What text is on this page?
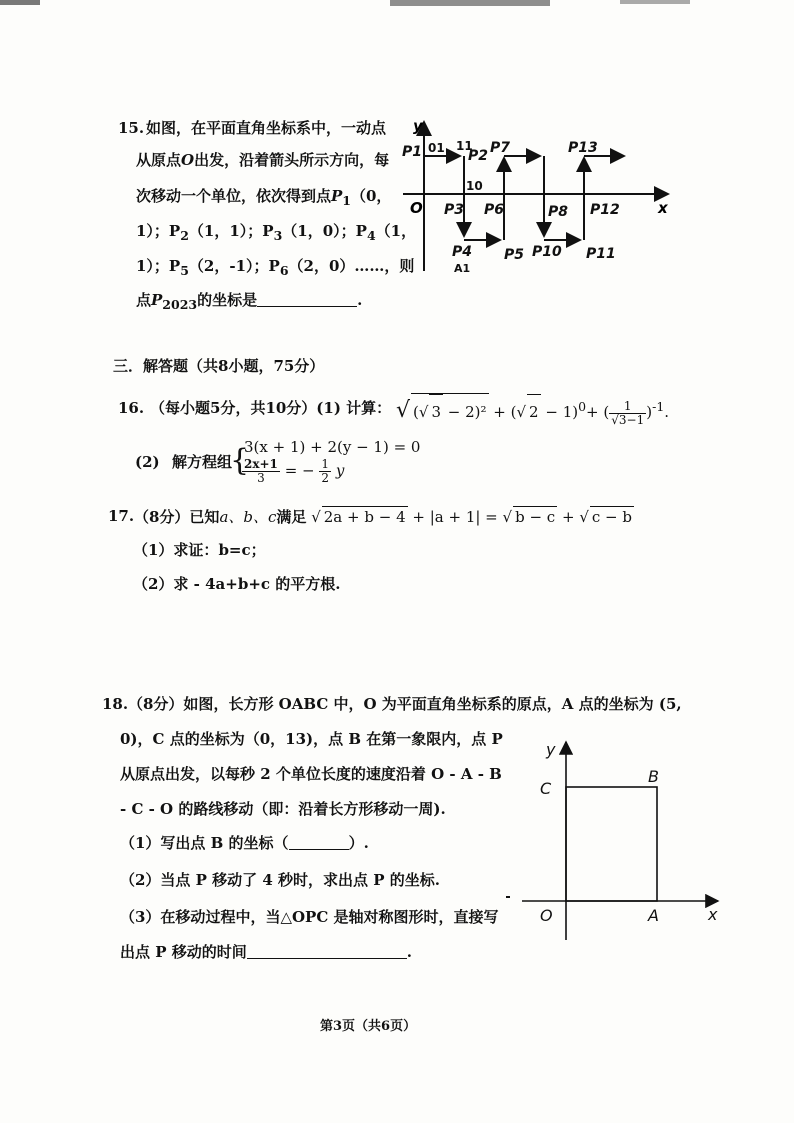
15. 如图，在平面直角坐标系中，一动点
从原点O出发，沿着箭头所示方向，每
次移动一个单位，依次得到点$P_1(0$，
1）；$P_2(1$，1）；$P_3(1$，0）；$P_4(1$，
1）；$P_5(2$，-1）；$P_6(2$，0）……，则
点$P_{2023}$的坐标是	.
y
x
O
P1	P2
P3
P4 P5
P6
P7
P8
P10 P11
P12
P13
01 11
10
A1
三．解答题（共8小题，75分）
16. （每小题5分，共10分）(1) 计算： √ (√ 3 − 2)² + (√ 2 − 1)$^0$+ ( $\frac{1}{√3-1} )^{-1}$.
(2) 解方程组
{
3(x + 1) + 2(y − 1) = 0
$\frac{2x+1}{3}$ = − $\frac{1}{2}$ y
17. （8分）已知a、b、c满足 √ 2a + b − 4 + |a + 1| = √ b − c + √ c − b
（1）求证：b=c；
（2）求 - 4a+b+c 的平方根.
18. （8分）如图，长方形 OABC 中，O 为平面直角坐标系的原点，A 点的坐标为 (5,
0)，C 点的坐标为（0，13)，点 B 在第一象限内，点 P
从原点出发，以每秒 2 个单位长度的速度沿着 O - A - B
- C - O 的路线移动（即：沿着长方形移动一周).
（1）写出点 B 的坐标（	）.
（2）当点 P 移动了 4 秒时，求出点 P 的坐标.
（3）在移动过程中，当△OPC 是轴对称图形时，直接写
出点 P 移动的时间	.
y
x
O	A
B
C
第3页（共6页）
